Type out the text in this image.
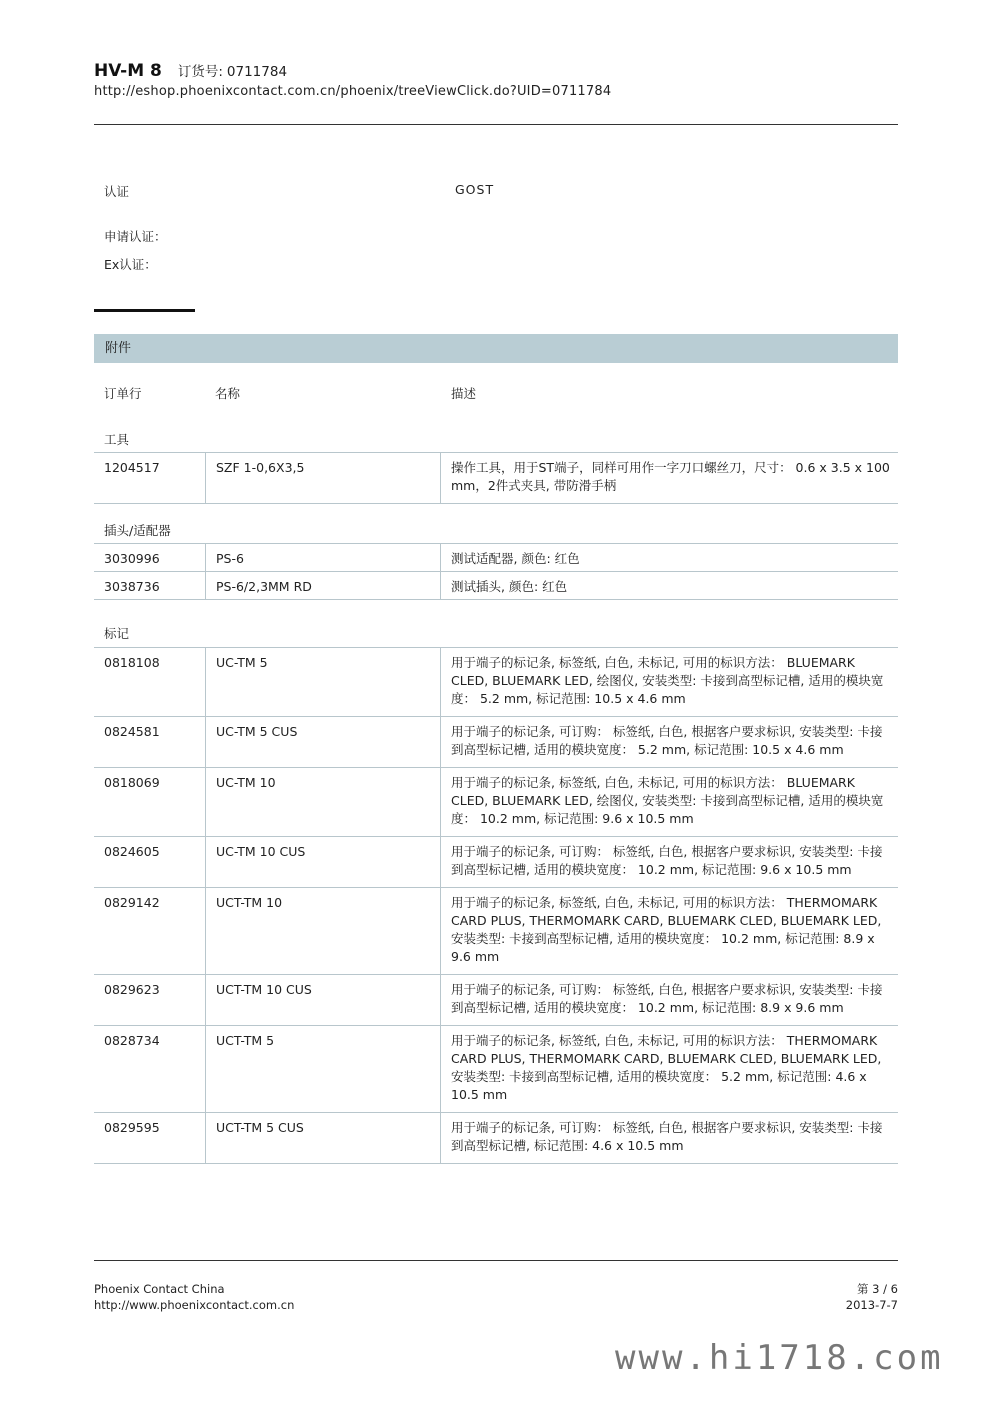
HV-M 8 订货号: 0711784
http://eshop.phoenixcontact.com.cn/phoenix/treeViewClick.do?UID=0711784
认证	GOST
申请认证：
Ex认证：
附件
订单行	名称	描述
工具
1204517	SZF 1-0,6X3,5	操作工具，用于ST端子，同样可用作一字刀口螺丝刀，尺寸： 0.6 x 3.5 x 100 mm，2件式夹具, 带防滑手柄
插头/适配器
3030996	PS-6	测试适配器, 颜色: 红色
3038736	PS-6/2,3MM RD	测试插头, 颜色: 红色
标记
0818108	UC-TM 5	用于端子的标记条, 标签纸, 白色, 未标记, 可用的标识方法： BLUEMARK CLED, BLUEMARK LED, 绘图仪, 安装类型: 卡接到高型标记槽, 适用的模块宽度： 5.2 mm, 标记范围: 10.5 x 4.6 mm
0824581	UC-TM 5 CUS	用于端子的标记条, 可订购： 标签纸, 白色, 根据客户要求标识, 安装类型: 卡接到高型标记槽, 适用的模块宽度： 5.2 mm, 标记范围: 10.5 x 4.6 mm
0818069	UC-TM 10	用于端子的标记条, 标签纸, 白色, 未标记, 可用的标识方法： BLUEMARK CLED, BLUEMARK LED, 绘图仪, 安装类型: 卡接到高型标记槽, 适用的模块宽度： 10.2 mm, 标记范围: 9.6 x 10.5 mm
0824605	UC-TM 10 CUS	用于端子的标记条, 可订购： 标签纸, 白色, 根据客户要求标识, 安装类型: 卡接到高型标记槽, 适用的模块宽度： 10.2 mm, 标记范围: 9.6 x 10.5 mm
0829142	UCT-TM 10	用于端子的标记条, 标签纸, 白色, 未标记, 可用的标识方法： THERMOMARK CARD PLUS, THERMOMARK CARD, BLUEMARK CLED, BLUEMARK LED, 安装类型: 卡接到高型标记槽, 适用的模块宽度： 10.2 mm, 标记范围: 8.9 x 9.6 mm
0829623	UCT-TM 10 CUS	用于端子的标记条, 可订购： 标签纸, 白色, 根据客户要求标识, 安装类型: 卡接到高型标记槽, 适用的模块宽度： 10.2 mm, 标记范围: 8.9 x 9.6 mm
0828734	UCT-TM 5	用于端子的标记条, 标签纸, 白色, 未标记, 可用的标识方法： THERMOMARK CARD PLUS, THERMOMARK CARD, BLUEMARK CLED, BLUEMARK LED, 安装类型: 卡接到高型标记槽, 适用的模块宽度： 5.2 mm, 标记范围: 4.6 x 10.5 mm
0829595	UCT-TM 5 CUS	用于端子的标记条, 可订购： 标签纸, 白色, 根据客户要求标识, 安装类型: 卡接到高型标记槽, 标记范围: 4.6 x 10.5 mm
Phoenix Contact China
http://www.phoenixcontact.com.cn
第 3 / 6
2013-7-7
www.hi1718.com
